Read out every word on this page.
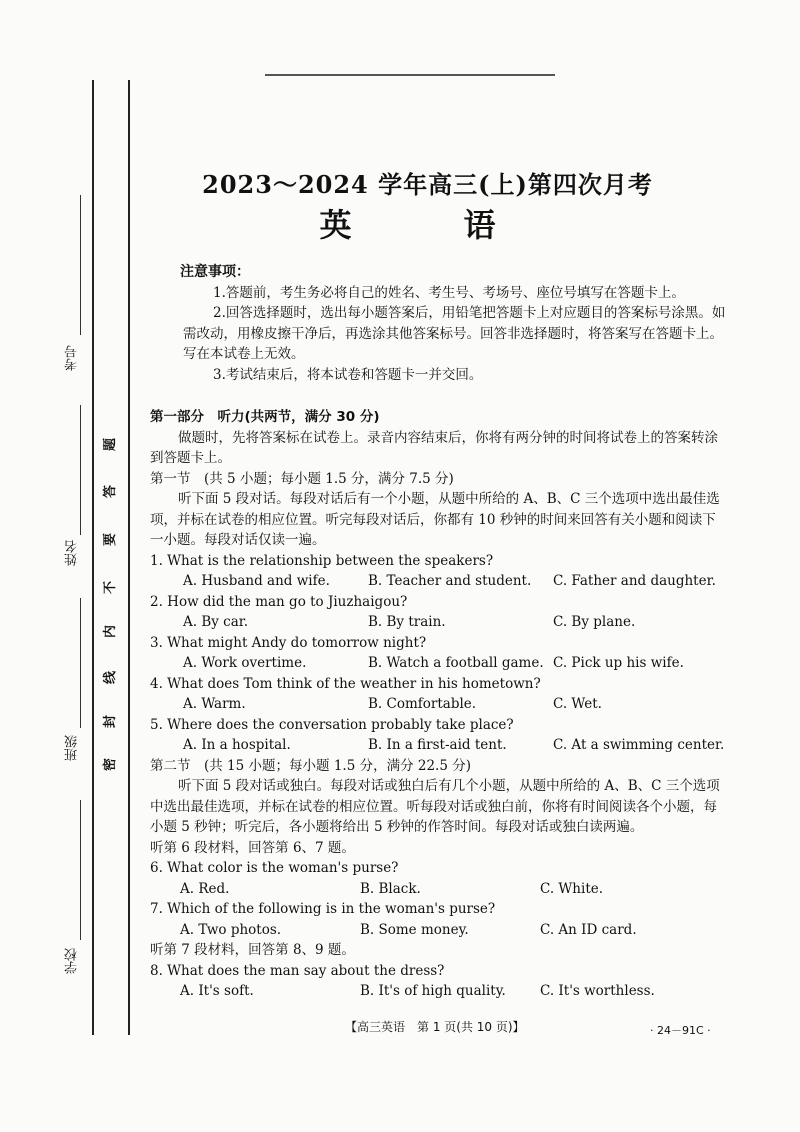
考号
姓名
班级
学校
题
答
要
不
内
线
封
密
2023～2024 学年高三(上)第四次月考
英　语

注意事项：

1.答题前，考生务必将自己的姓名、考生号、考场号、座位号填写在答题卡上。

2.回答选择题时，选出每小题答案后，用铅笔把答题卡上对应题目的答案标号涂黑。如需改动，用橡皮擦干净后，再选涂其他答案标号。回答非选择题时，将答案写在答题卡上。写在本试卷上无效。

3.考试结束后，将本试卷和答题卡一并交回。

第一部分　听力(共两节，满分 30 分)

做题时，先将答案标在试卷上。录音内容结束后，你将有两分钟的时间将试卷上的答案转涂到答题卡上。

第一节　(共 5 小题；每小题 1.5 分，满分 7.5 分)

听下面 5 段对话。每段对话后有一个小题，从题中所给的 A、B、C 三个选项中选出最佳选项，并标在试卷的相应位置。听完每段对话后，你都有 10 秒钟的时间来回答有关小题和阅读下一小题。每段对话仅读一遍。

1. What is the relationship between the speakers?

A. Husband and wife.	B. Teacher and student.	C. Father and daughter.

2. How did the man go to Jiuzhaigou?

A. By car.	B. By train.	C. By plane.

3. What might Andy do tomorrow night?

A. Work overtime.	B. Watch a football game. C. Pick up his wife.

4. What does Tom think of the weather in his hometown?

A. Warm.	B. Comfortable.	C. Wet.

5. Where does the conversation probably take place?

A. In a hospital.	B. In a first-aid tent.	C. At a swimming center.

第二节　(共 15 小题；每小题 1.5 分，满分 22.5 分)

听下面 5 段对话或独白。每段对话或独白后有几个小题，从题中所给的 A、B、C 三个选项中选出最佳选项，并标在试卷的相应位置。听每段对话或独白前，你将有时间阅读各个小题，每小题 5 秒钟；听完后，各小题将给出 5 秒钟的作答时间。每段对话或独白读两遍。

听第 6 段材料，回答第 6、7 题。

6. What color is the woman's purse?

A. Red.	B. Black.	C. White.

7. Which of the following is in the woman's purse?

A. Two photos.	B. Some money.	C. An ID card.

听第 7 段材料，回答第 8、9 题。

8. What does the man say about the dress?

A. It's soft.	B. It's of high quality.	C. It's worthless.
【高三英语　第 1 页(共 10 页)】	· 24－91C ·
